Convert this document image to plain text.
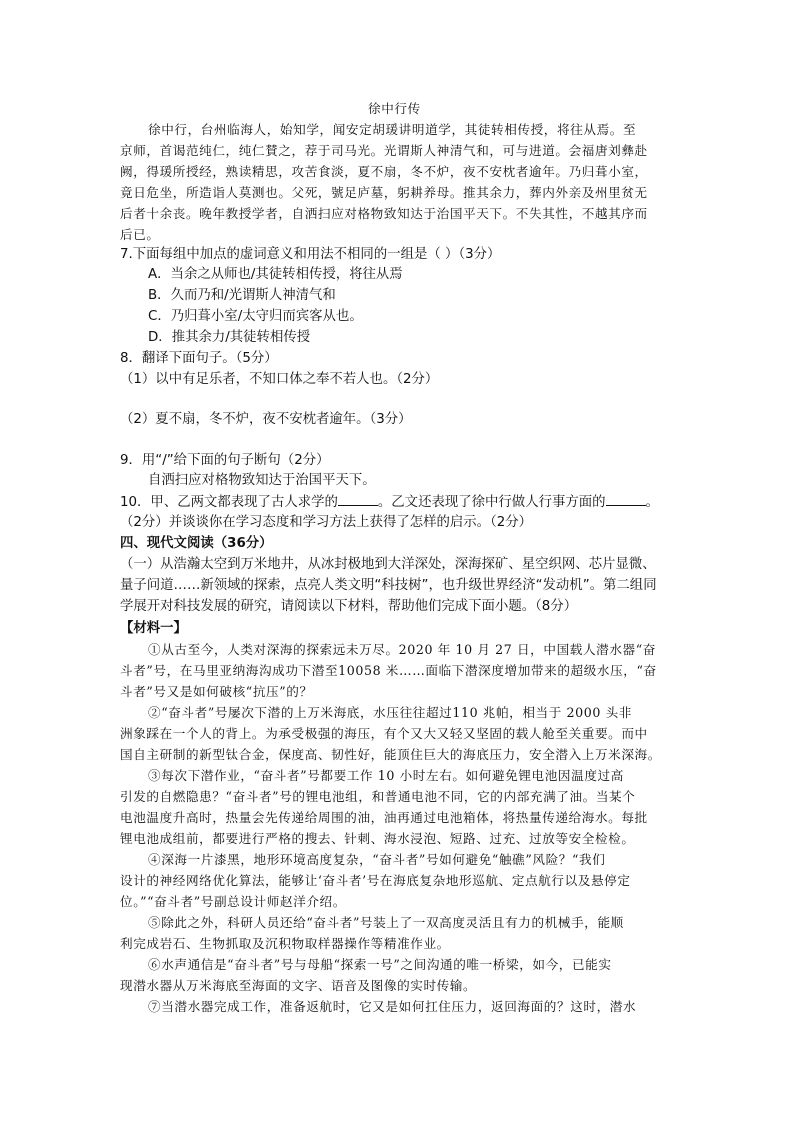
徐中行传
徐中行，台州临海人，始知学，闻安定胡瑗讲明道学，其徒转相传授，将往从焉。至
京师，首谒范纯仁，纯仁賛之，荐于司马光。光谓斯人神清气和，可与进道。会福唐刘彝赴
阙，得瑗所授经，熟读精思，攻苦食淡，夏不扇，冬不炉，夜不安枕者逾年。乃归葺小室，
竟日危坐，所造诣人莫测也。父死，號足庐墓，躬耕养母。推其余力，葬内外亲及州里贫无
后者十余丧。晚年教授学者，自洒扫应对格物致知达于治国平天下。不失其性，不越其序而
后已。
7.下面每组中加点的虚词意义和用法不相同的一组是（ ）（3分）
A．当余之从师也/其徒转相传授，将往从焉
B．久而乃和/光谓斯人神清气和
C．乃归葺小室/太守归而宾客从也。
D．推其余力/其徒转相传授
8．翻译下面句子。（5分）
（1）以中有足乐者，不知口体之奉不若人也。（2分）
（2）夏不扇，冬不炉，夜不安枕者逾年。（3分）
9．用“/”给下面的句子断句（2分）
自洒扫应对格物致知达于治国平天下。
10．甲、乙两文都表现了古人求学的	。乙文还表现了徐中行做人行事方面的	。
（2分）并谈谈你在学习态度和学习方法上获得了怎样的启示。（2分）
四、现代文阅读（36分）
（一）从浩瀚太空到万米地井，从冰封极地到大洋深处，深海探矿、星空织网、芯片显微、
量子问道……新领域的探索，点亮人类文明“科技树”，也升级世界经济“发动机”。第二组同
学展开对科技发展的研究，请阅读以下材料，帮助他们完成下面小题。（8分）
【材料一】
①从古至今，人类对深海的探索远未万尽。2020 年 10 月 27 日，中国载人潜水器“奋
斗者”号，在马里亚纳海沟成功下潜至10058 米……面临下潜深度增加带来的超级水压，“奋
斗者”号又是如何破核“抗压”的？
②“奋斗者”号屡次下潜的上万米海底，水压往往超过110 兆帕，相当于 2000 头非
洲象踩在一个人的背上。为承受极强的海压，有个又大又轻又坚固的载人舱至关重要。而中
国自主研制的新型钛合金，保度高、韧性好，能顶住巨大的海底压力，安全潜入上万米深海。
③每次下潜作业，“奋斗者”号都要工作 10 小时左右。如何避免锂电池因温度过高
引发的自燃隐患？“奋斗者”号的锂电池组，和普通电池不同，它的内部充满了油。当某个
电池温度升高时，热量会先传递给周围的油，油再通过电池箱体，将热量传递给海水。每批
锂电池成组前，都要进行严格的搜去、针刺、海水浸泡、短路、过充、过放等安全检检。
④深海一片漆黑，地形环境高度复杂，“奋斗者”号如何避免“触礁”风险？“我们
设计的神经网络优化算法，能够让‘奋斗者’号在海底复杂地形巡航、定点航行以及悬停定
位。”“奋斗者”号副总设计师赵洋介绍。
⑤除此之外，科研人员还给“奋斗者”号装上了一双高度灵活且有力的机械手，能顺
利完成岩石、生物抓取及沉积物取样器操作等精准作业。
⑥水声通信是“奋斗者”号与母船“探索一号”之间沟通的唯一桥梁，如今，已能实
现潜水器从万米海底至海面的文字、语音及图像的实时传输。
⑦当潜水器完成工作，准备返航时，它又是如何扛住压力，返回海面的？这时，潜水
